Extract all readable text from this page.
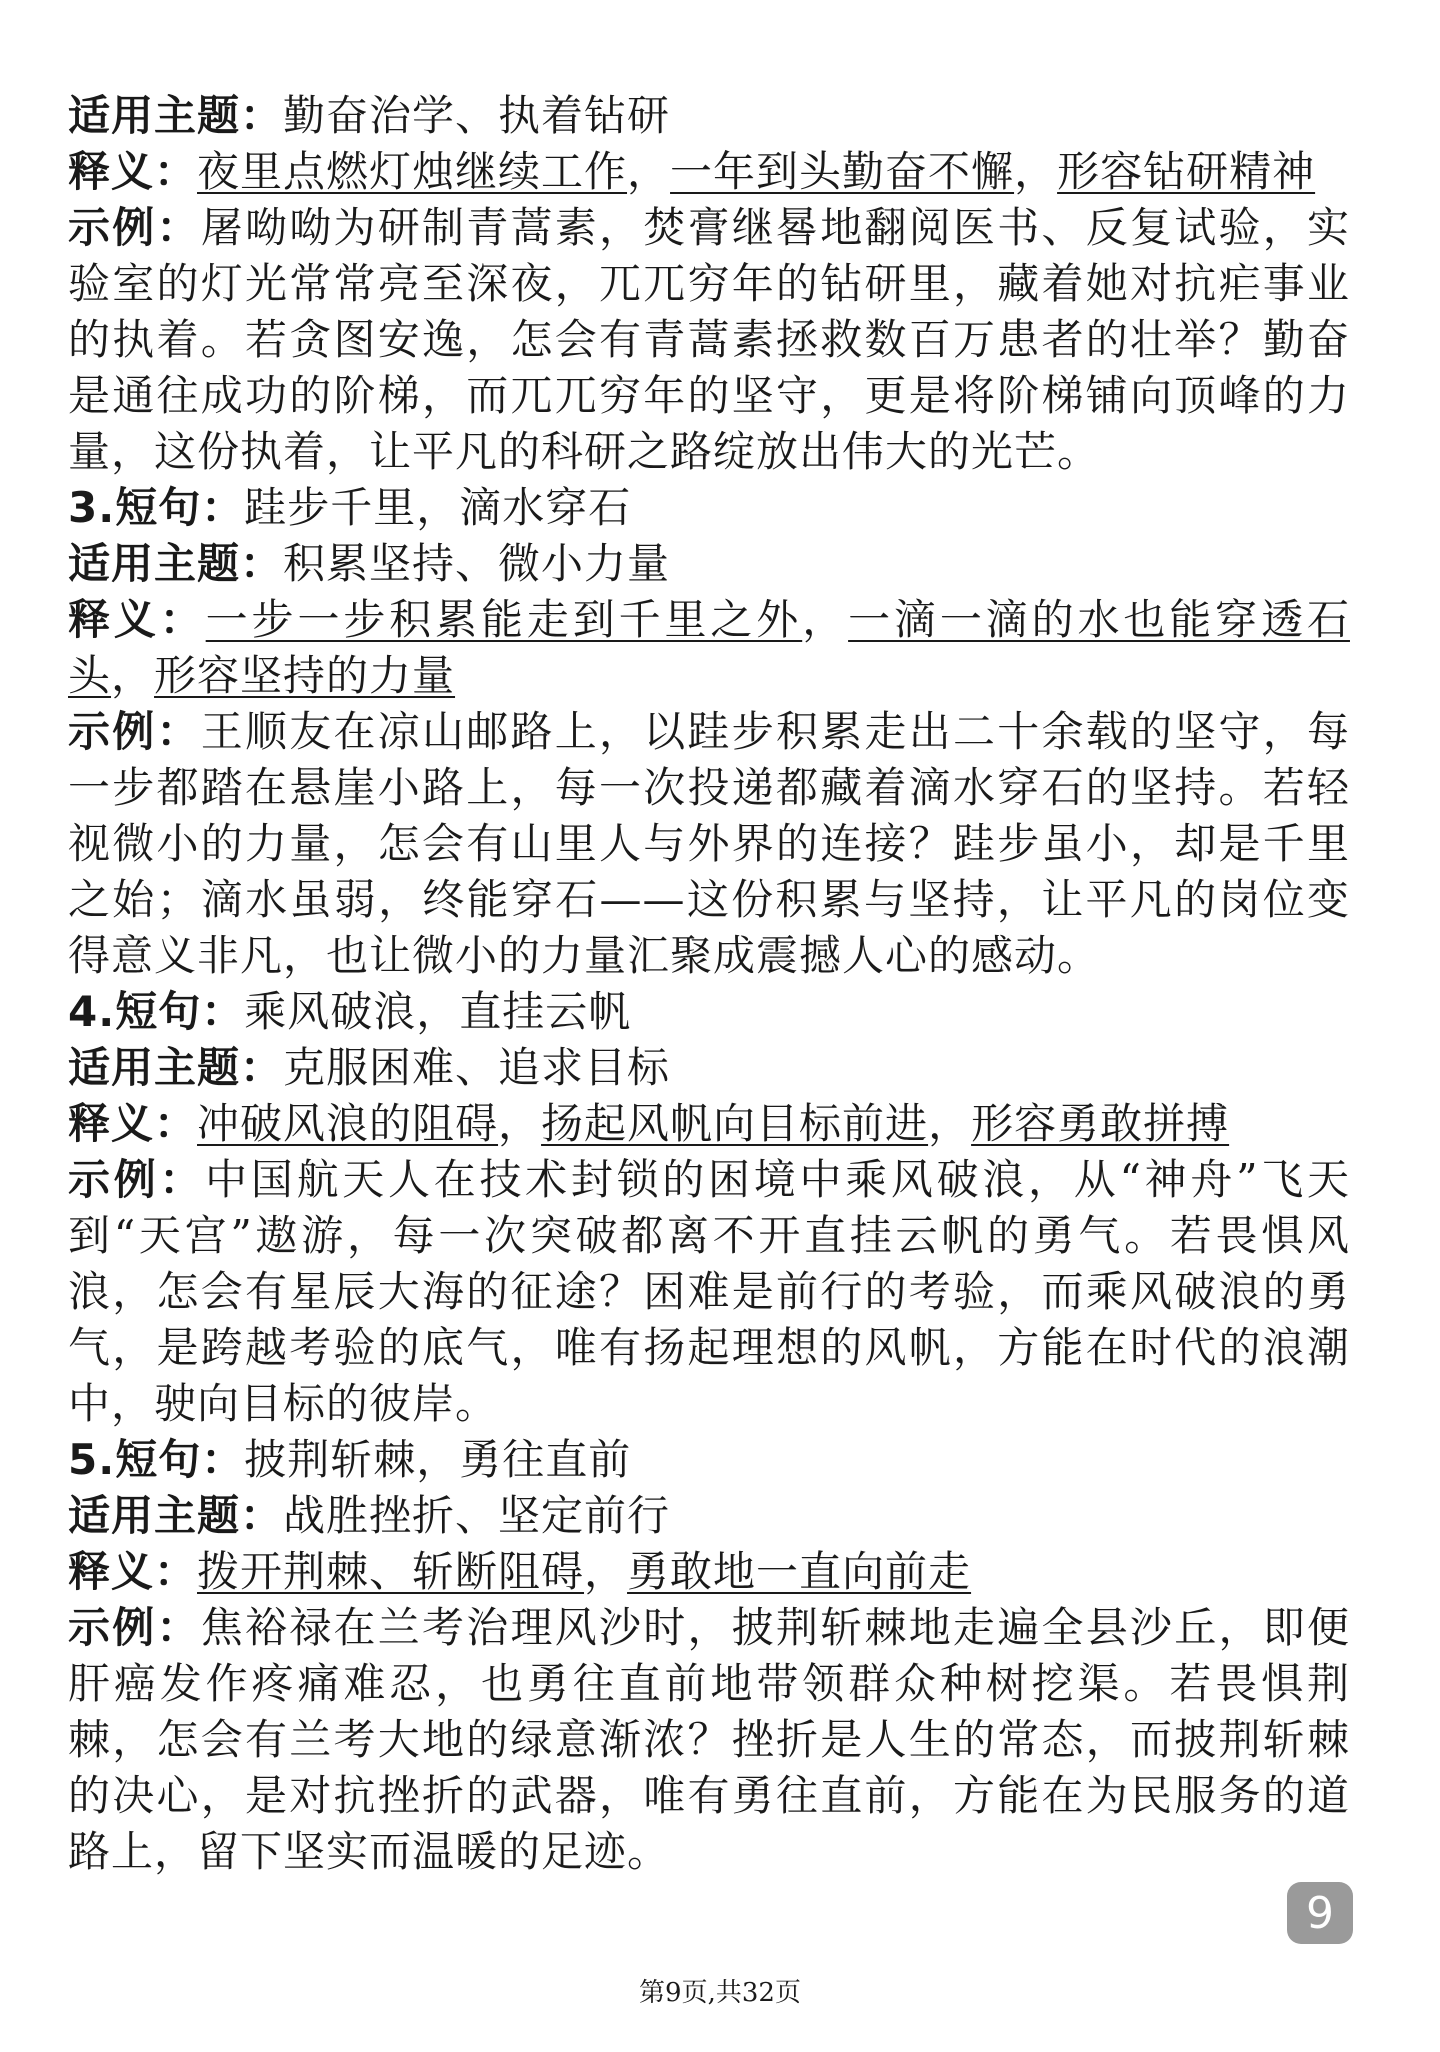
适用主题：勤奋治学、执着钻研

释义：夜里点燃灯烛继续工作，一年到头勤奋不懈，形容钻研精神

示例：屠呦呦为研制青蒿素，焚膏继晷地翻阅医书、反复试验，实验室的灯光常常亮至深夜，兀兀穷年的钻研里，藏着她对抗疟事业的执着。若贪图安逸，怎会有青蒿素拯救数百万患者的壮举？勤奋是通往成功的阶梯，而兀兀穷年的坚守，更是将阶梯铺向顶峰的力量，这份执着，让平凡的科研之路绽放出伟大的光芒。

3.短句：跬步千里，滴水穿石

适用主题：积累坚持、微小力量

释义：一步一步积累能走到千里之外，一滴一滴的水也能穿透石头，形容坚持的力量

示例：王顺友在凉山邮路上，以跬步积累走出二十余载的坚守，每一步都踏在悬崖小路上，每一次投递都藏着滴水穿石的坚持。若轻视微小的力量，怎会有山里人与外界的连接？跬步虽小，却是千里之始；滴水虽弱，终能穿石——这份积累与坚持，让平凡的岗位变得意义非凡，也让微小的力量汇聚成震撼人心的感动。

4.短句：乘风破浪，直挂云帆

适用主题：克服困难、追求目标

释义：冲破风浪的阻碍，扬起风帆向目标前进，形容勇敢拼搏

示例：中国航天人在技术封锁的困境中乘风破浪，从“神舟”飞天到“天宫”遨游，每一次突破都离不开直挂云帆的勇气。若畏惧风浪，怎会有星辰大海的征途？困难是前行的考验，而乘风破浪的勇气，是跨越考验的底气，唯有扬起理想的风帆，方能在时代的浪潮中，驶向目标的彼岸。

5.短句：披荆斩棘，勇往直前

适用主题：战胜挫折、坚定前行

释义：拨开荆棘、斩断阻碍，勇敢地一直向前走

示例：焦裕禄在兰考治理风沙时，披荆斩棘地走遍全县沙丘，即便肝癌发作疼痛难忍，也勇往直前地带领群众种树挖渠。若畏惧荆棘，怎会有兰考大地的绿意渐浓？挫折是人生的常态，而披荆斩棘的决心，是对抗挫折的武器，唯有勇往直前，方能在为民服务的道路上，留下坚实而温暖的足迹。

9
第9页,共32页
